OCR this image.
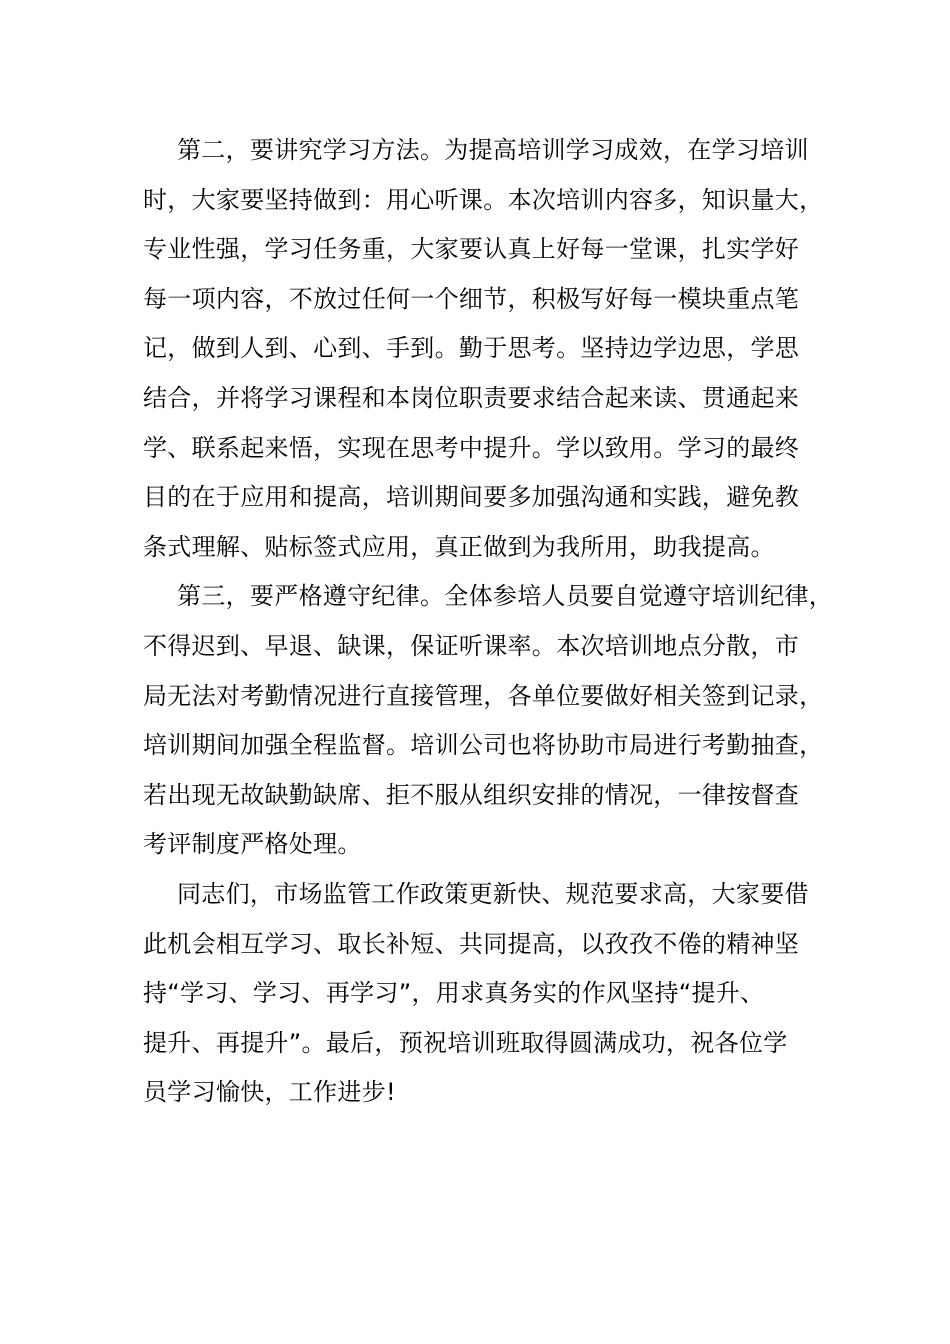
第二，要讲究学习方法。为提高培训学习成效，在学习培训
时，大家要坚持做到：用心听课。本次培训内容多，知识量大，
专业性强，学习任务重，大家要认真上好每一堂课，扎实学好
每一项内容，不放过任何一个细节，积极写好每一模块重点笔
记，做到人到、心到、手到。勤于思考。坚持边学边思，学思
结合，并将学习课程和本岗位职责要求结合起来读、贯通起来
学、联系起来悟，实现在思考中提升。学以致用。学习的最终
目的在于应用和提高，培训期间要多加强沟通和实践，避免教
条式理解、贴标签式应用，真正做到为我所用，助我提高。
第三，要严格遵守纪律。全体参培人员要自觉遵守培训纪律，
不得迟到、早退、缺课，保证听课率。本次培训地点分散，市
局无法对考勤情况进行直接管理，各单位要做好相关签到记录，
培训期间加强全程监督。培训公司也将协助市局进行考勤抽查，
若出现无故缺勤缺席、拒不服从组织安排的情况，一律按督查
考评制度严格处理。
同志们，市场监管工作政策更新快、规范要求高，大家要借
此机会相互学习、取长补短、共同提高，以孜孜不倦的精神坚
持“学习、学习、再学习”，用求真务实的作风坚持“提升、
提升、再提升”。最后，预祝培训班取得圆满成功，祝各位学
员学习愉快，工作进步!
